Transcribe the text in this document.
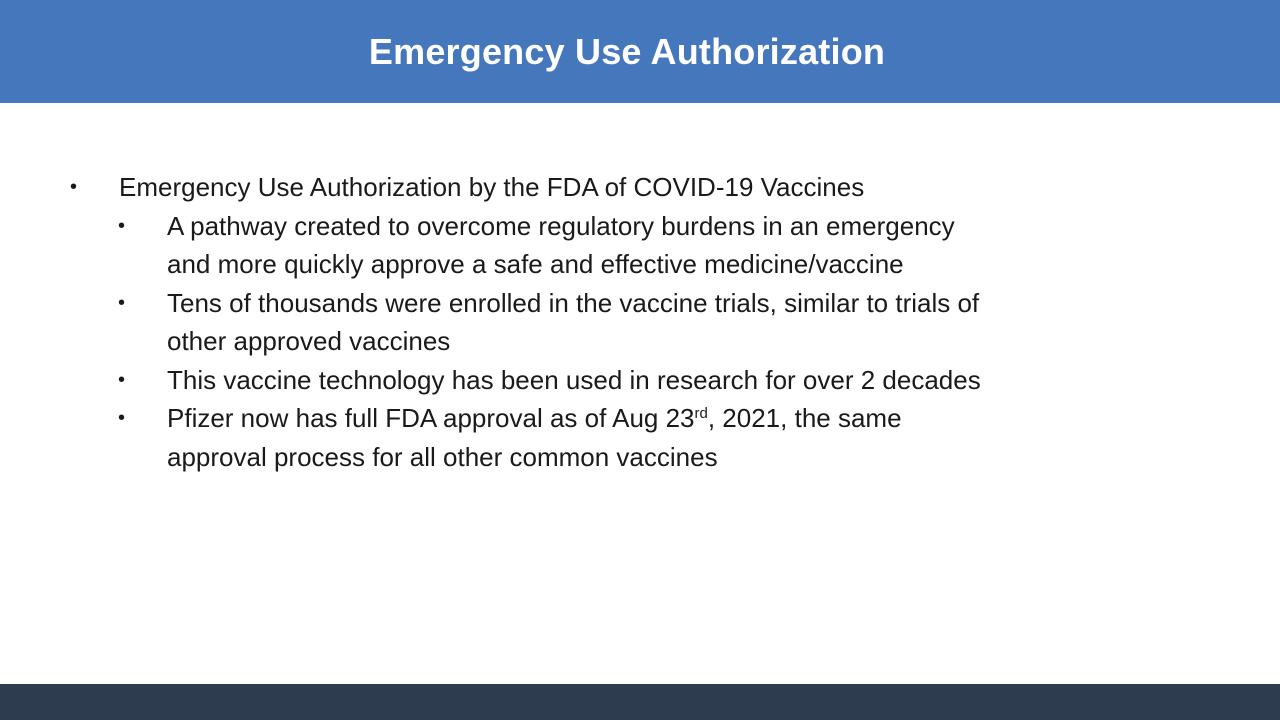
Emergency Use Authorization
•	Emergency Use Authorization by the FDA of COVID-19 Vaccines
•	A pathway created to overcome regulatory burdens in an emergency and more quickly approve a safe and effective medicine/vaccine
•	Tens of thousands were enrolled in the vaccine trials, similar to trials of other approved vaccines
•	This vaccine technology has been used in research for over 2 decades
•	Pfizer now has full FDA approval as of Aug 23rd, 2021, the same approval process for all other common vaccines
